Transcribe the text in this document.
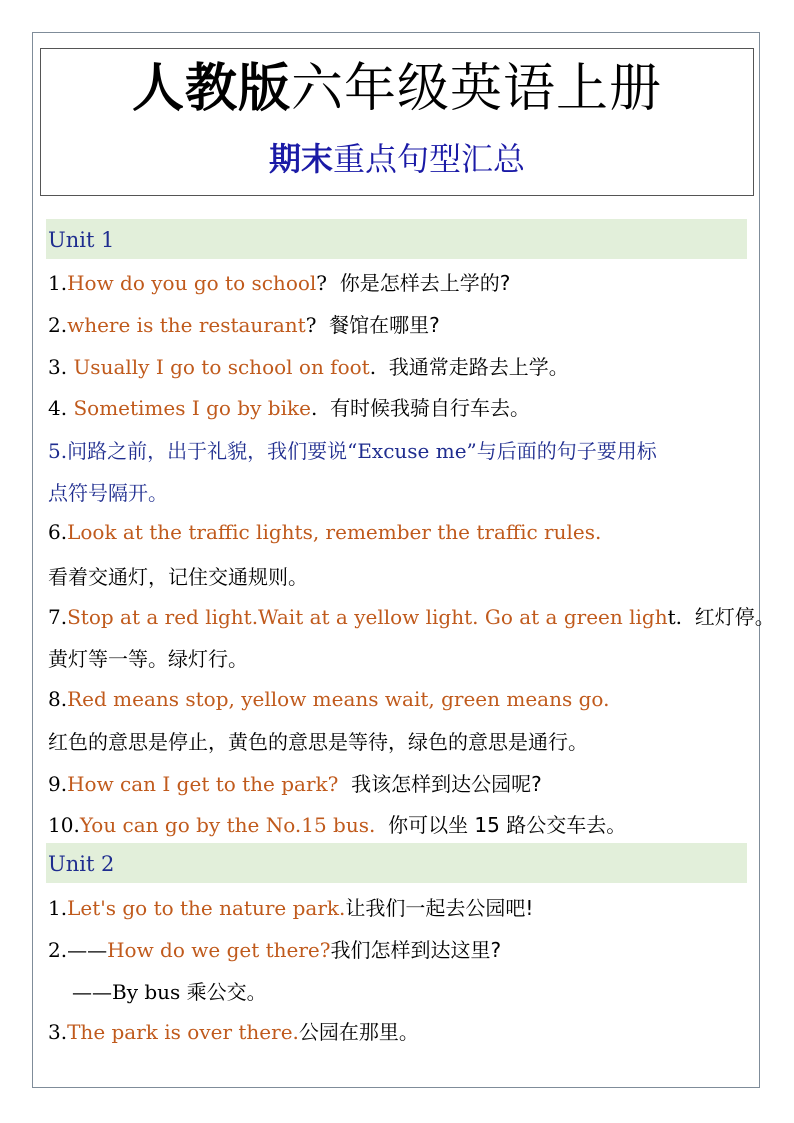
人教版六年级英语上册
期末重点句型汇总
Unit 1
1.How do you go to school? 你是怎样去上学的?
2.where is the restaurant? 餐馆在哪里?
3. Usually I go to school on foot. 我通常走路去上学。
4. Sometimes I go by bike. 有时候我骑自行车去。
5.问路之前，出于礼貌，我们要说“Excuse me”与后面的句子要用标
点符号隔开。
6.Look at the traffic lights, remember the traffic rules.
看着交通灯，记住交通规则。
7.Stop at a red light.Wait at a yellow light. Go at a green light. 红灯停。
黄灯等一等。绿灯行。
8.Red means stop, yellow means wait, green means go.
红色的意思是停止，黄色的意思是等待，绿色的意思是通行。
9.How can I get to the park? 我该怎样到达公园呢?
10.You can go by the No.15 bus. 你可以坐 15 路公交车去。
Unit 2
1.Let's go to the nature park.让我们一起去公园吧!
2.——How do we get there?我们怎样到达这里?
——By bus 乘公交。
3.The park is over there.公园在那里。
